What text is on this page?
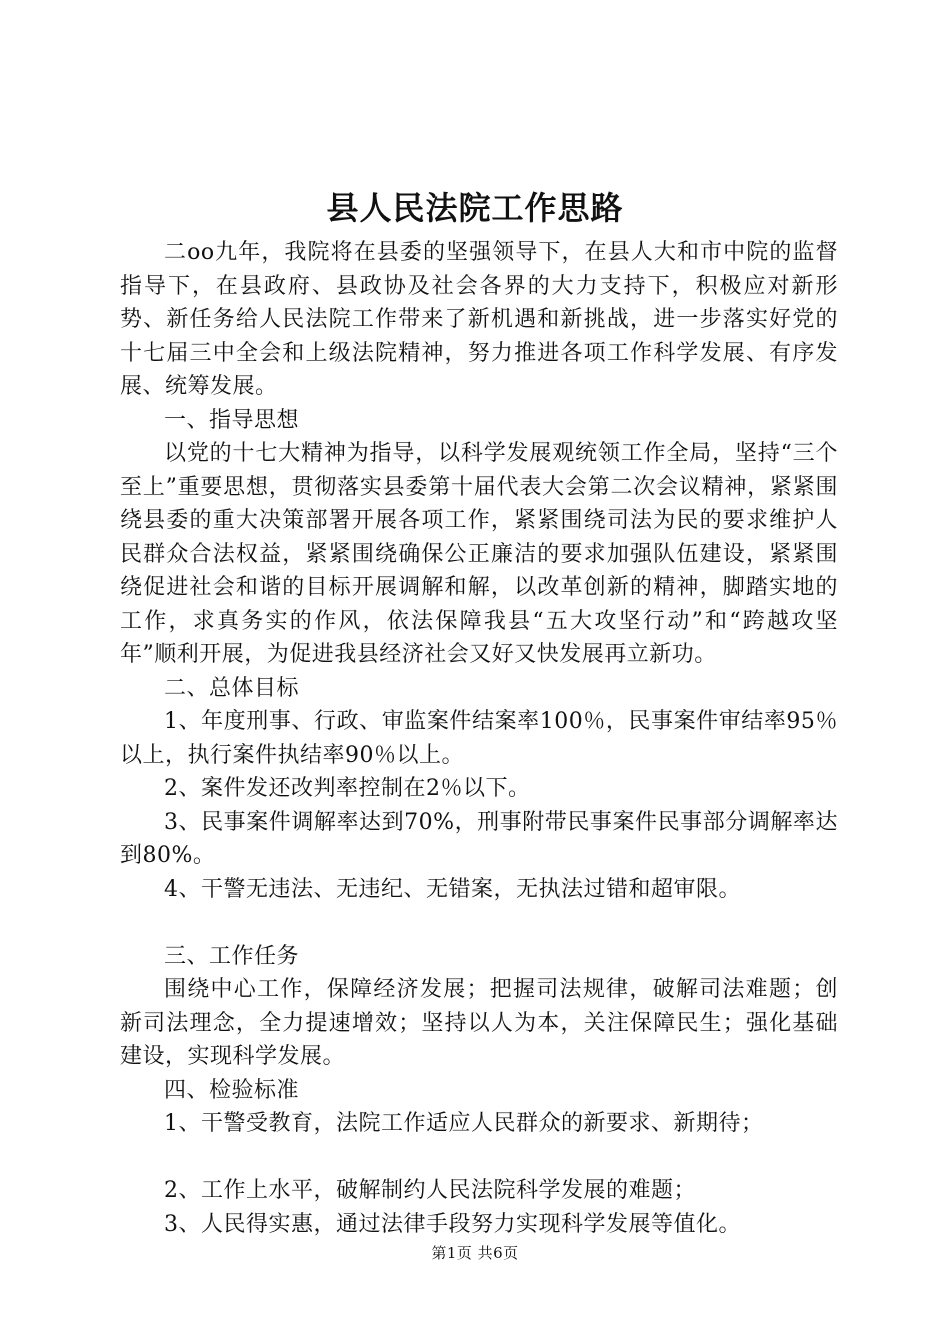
县人民法院工作思路

二oo九年，我院将在县委的坚强领导下，在县人大和市中院的监督指导下，在县政府、县政协及社会各界的大力支持下，积极应对新形势、新任务给人民法院工作带来了新机遇和新挑战，进一步落实好党的十七届三中全会和上级法院精神，努力推进各项工作科学发展、有序发展、统筹发展。

一、指导思想

以党的十七大精神为指导，以科学发展观统领工作全局，坚持“三个至上”重要思想，贯彻落实县委第十届代表大会第二次会议精神，紧紧围绕县委的重大决策部署开展各项工作，紧紧围绕司法为民的要求维护人民群众合法权益，紧紧围绕确保公正廉洁的要求加强队伍建设，紧紧围绕促进社会和谐的目标开展调解和解，以改革创新的精神，脚踏实地的工作，求真务实的作风，依法保障我县“五大攻坚行动”和“跨越攻坚年”顺利开展，为促进我县经济社会又好又快发展再立新功。

二、总体目标

1、年度刑事、行政、审监案件结案率100％，民事案件审结率95％以上，执行案件执结率90％以上。

2、案件发还改判率控制在2％以下。

3、民事案件调解率达到70%，刑事附带民事案件民事部分调解率达到80%。

4、干警无违法、无违纪、无错案，无执法过错和超审限。

三、工作任务

围绕中心工作，保障经济发展；把握司法规律，破解司法难题；创新司法理念，全力提速增效；坚持以人为本，关注保障民生；强化基础建设，实现科学发展。

四、检验标准

1、干警受教育，法院工作适应人民群众的新要求、新期待；

2、工作上水平，破解制约人民法院科学发展的难题；

3、人民得实惠，通过法律手段努力实现科学发展等值化。

第1页 共6页
